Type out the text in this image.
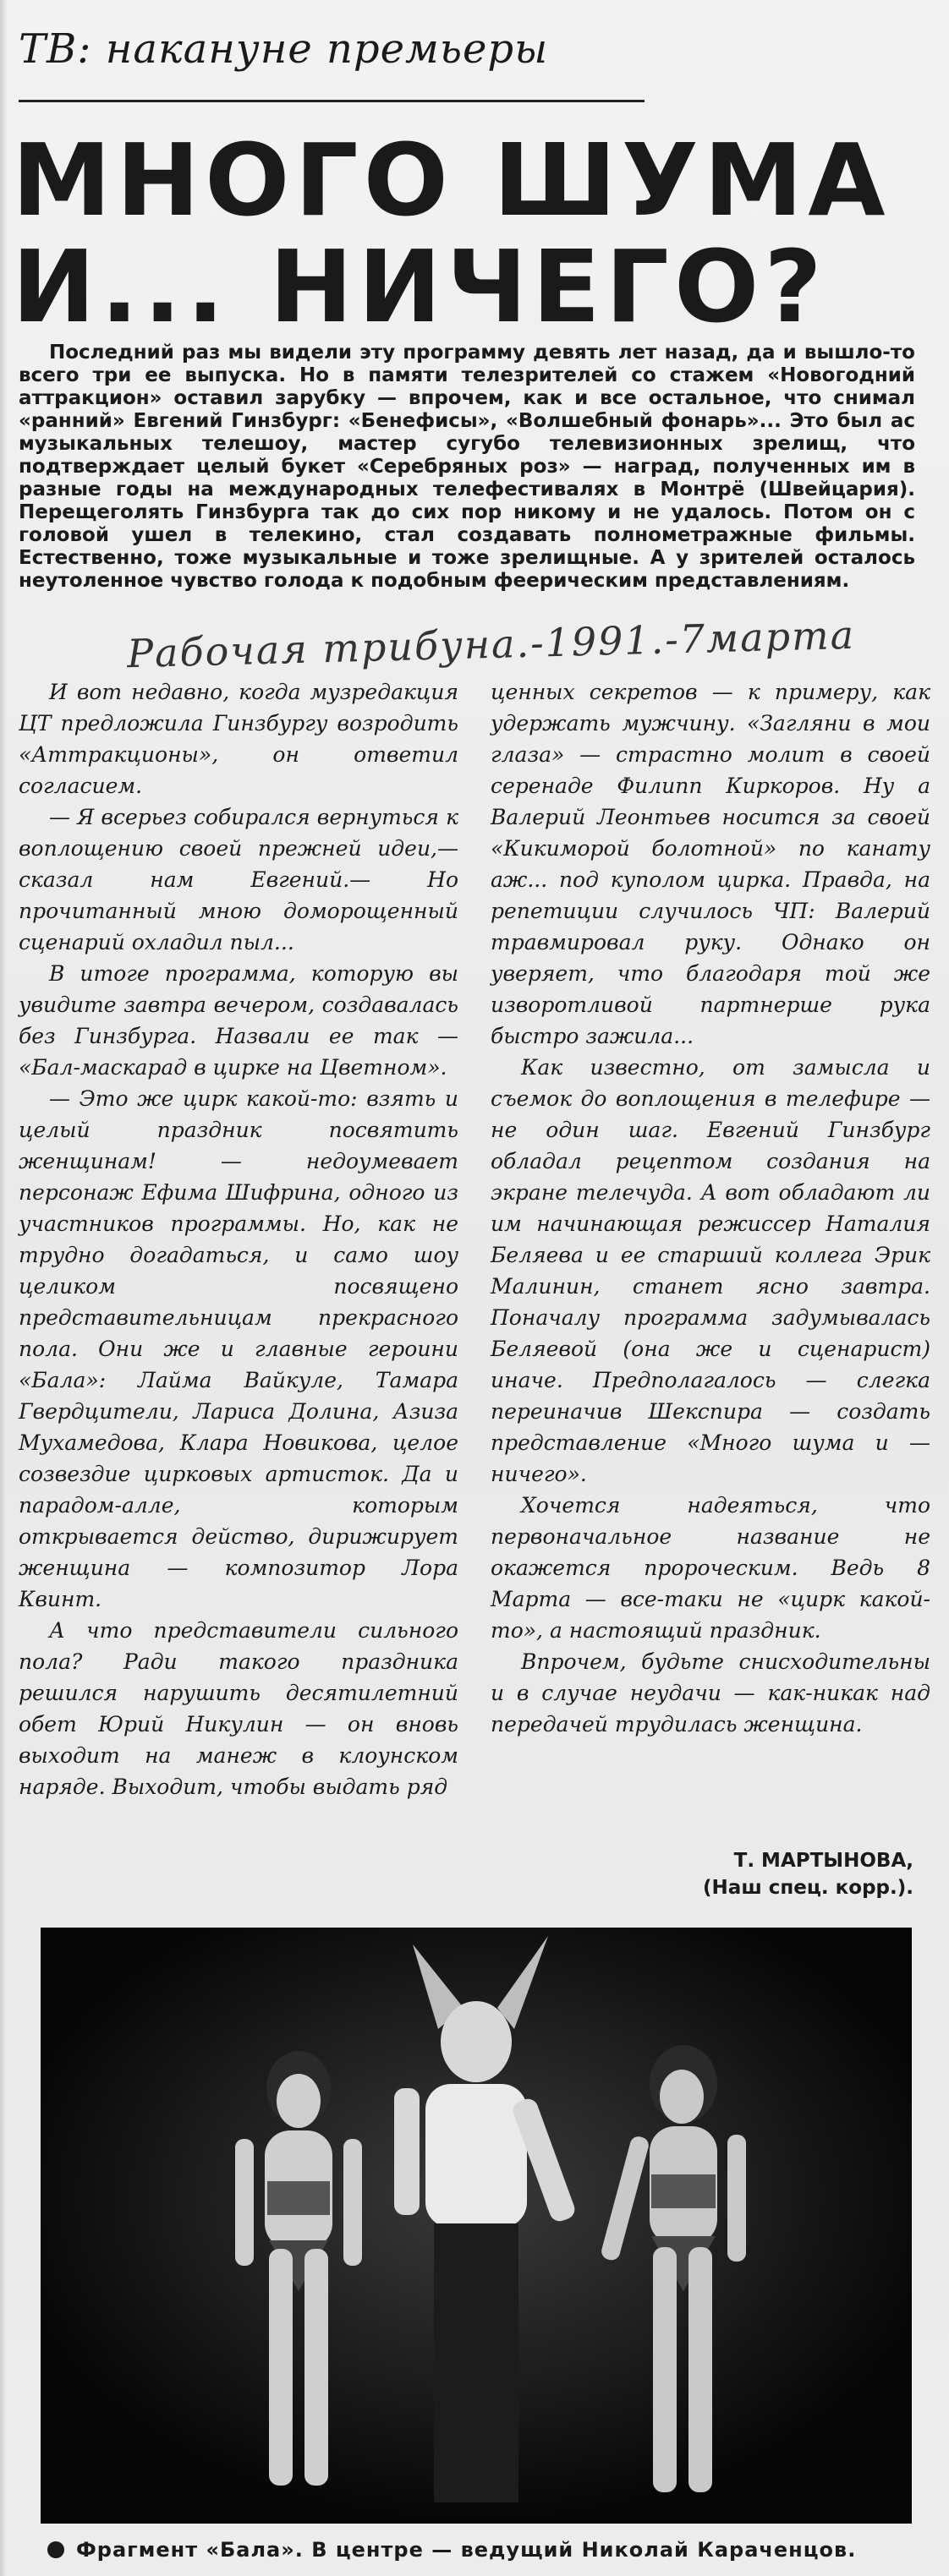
ТВ: накануне премьеры
МНОГО ШУМА
И... НИЧЕГО?
Последний раз мы видели эту программу девять лет назад, да и вышло-то всего три ее выпуска. Но в памяти телезрителей со стажем «Новогодний аттракцион» оставил зарубку — впрочем, как и все остальное, что снимал «ранний» Евгений Гинзбург: «Бенефисы», «Волшебный фонарь»... Это был ас музыкальных телешоу, мастер сугубо телевизионных зрелищ, что подтверждает целый букет «Серебряных роз» — наград, полученных им в разные годы на международных телефестивалях в Монтрё (Швейцария). Перещеголять Гинзбурга так до сих пор никому и не удалось. Потом он с головой ушел в телекино, стал создавать полнометражные фильмы. Естественно, тоже музыкальные и тоже зрелищные. А у зрителей осталось неутоленное чувство голода к подобным феерическим представлениям.
Рабочая трибуна.-1991.-7марта

И вот недавно, когда музредакция ЦТ предложила Гинзбургу возродить «Аттракционы», он ответил согласием.

— Я всерьез собирался вернуться к воплощению своей прежней идеи,— сказал нам Евгений.— Но прочитанный мною доморощенный сценарий охладил пыл...

В итоге программа, которую вы увидите завтра вечером, создавалась без Гинзбурга. Назвали ее так — «Бал-маскарад в цирке на Цветном».

— Это же цирк какой-то: взять и целый праздник посвятить женщинам! — недоумевает персонаж Ефима Шифрина, одного из участников программы. Но, как не трудно догадаться, и само шоу целиком посвящено представительницам прекрасного пола. Они же и главные героини «Бала»: Лайма Вайкуле, Тамара Гвердцители, Лариса Долина, Азиза Мухамедова, Клара Новикова, целое созвездие цирковых артисток. Да и парадом-алле, которым открывается действо, дирижирует женщина — композитор Лора Квинт.

А что представители сильного пола? Ради такого праздника решился нарушить десятилетний обет Юрий Никулин — он вновь выходит на манеж в клоунском наряде. Выходит, чтобы выдать ряд

ценных секретов — к примеру, как удержать мужчину. «Загляни в мои глаза» — страстно молит в своей серенаде Филипп Киркоров. Ну а Валерий Леонтьев носится за своей «Кикиморой болотной» по канату аж... под куполом цирка. Правда, на репетиции случилось ЧП: Валерий травмировал руку. Однако он уверяет, что благодаря той же изворотливой партнерше рука быстро зажила...

Как известно, от замысла и съемок до воплощения в телефире — не один шаг. Евгений Гинзбург обладал рецептом создания на экране телечуда. А вот обладают ли им начинающая режиссер Наталия Беляева и ее старший коллега Эрик Малинин, станет ясно завтра. Поначалу программа задумывалась Беляевой (она же и сценарист) иначе. Предполагалось — слегка переиначив Шекспира — создать представление «Много шума и — ничего».

Хочется надеяться, что первоначальное название не окажется пророческим. Ведь 8 Марта — все-таки не «цирк какой-то», а настоящий праздник.

Впрочем, будьте снисходительны и в случае неудачи — как-никак над передачей трудилась женщина.

Т. МАРТЫНОВА,
(Наш спец. корр.).
Фрагмент «Бала». В центре — ведущий Николай Караченцов.
